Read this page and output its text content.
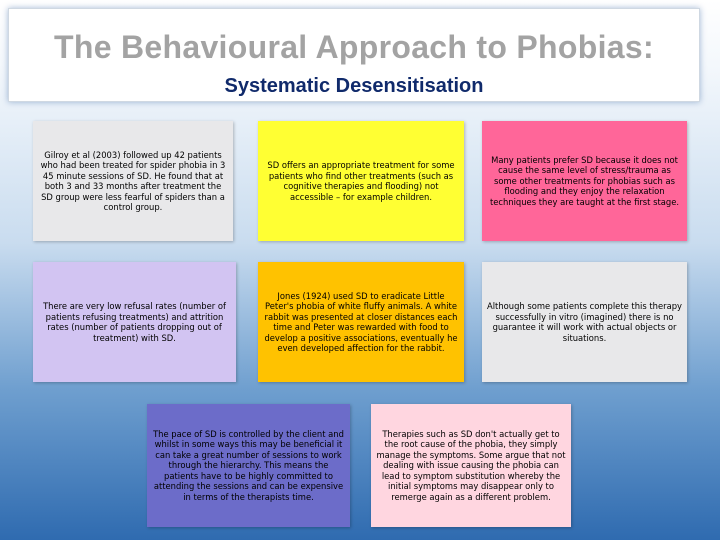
The Behavioural Approach to Phobias:
Systematic Desensitisation
Gilroy et al (2003) followed up 42 patients who had been treated for spider phobia in 3 45 minute sessions of SD. He found that at both 3 and 33 months after treatment the SD group were less fearful of spiders than a control group.
SD offers an appropriate treatment for some patients who find other treatments (such as cognitive therapies and flooding) not accessible – for example children.
Many patients prefer SD because it does not cause the same level of stress/trauma as some other treatments for phobias such as flooding and they enjoy the relaxation techniques they are taught at the first stage.
There are very low refusal rates (number of patients refusing treatments) and attrition rates (number of patients dropping out of treatment) with SD.
Jones (1924) used SD to eradicate Little Peter's phobia of white fluffy animals. A white rabbit was presented at closer distances each time and Peter was rewarded with food to develop a positive associations, eventually he even developed affection for the rabbit.
Although some patients complete this therapy successfully in vitro (imagined) there is no guarantee it will work with actual objects or situations.
The pace of SD is controlled by the client and whilst in some ways this may be beneficial it can take a great number of sessions to work through the hierarchy. This means the patients have to be highly committed to attending the sessions and can be expensive in terms of the therapists time.
Therapies such as SD don't actually get to the root cause of the phobia, they simply manage the symptoms. Some argue that not dealing with issue causing the phobia can lead to symptom substitution whereby the initial symptoms may disappear only to remerge again as a different problem.
